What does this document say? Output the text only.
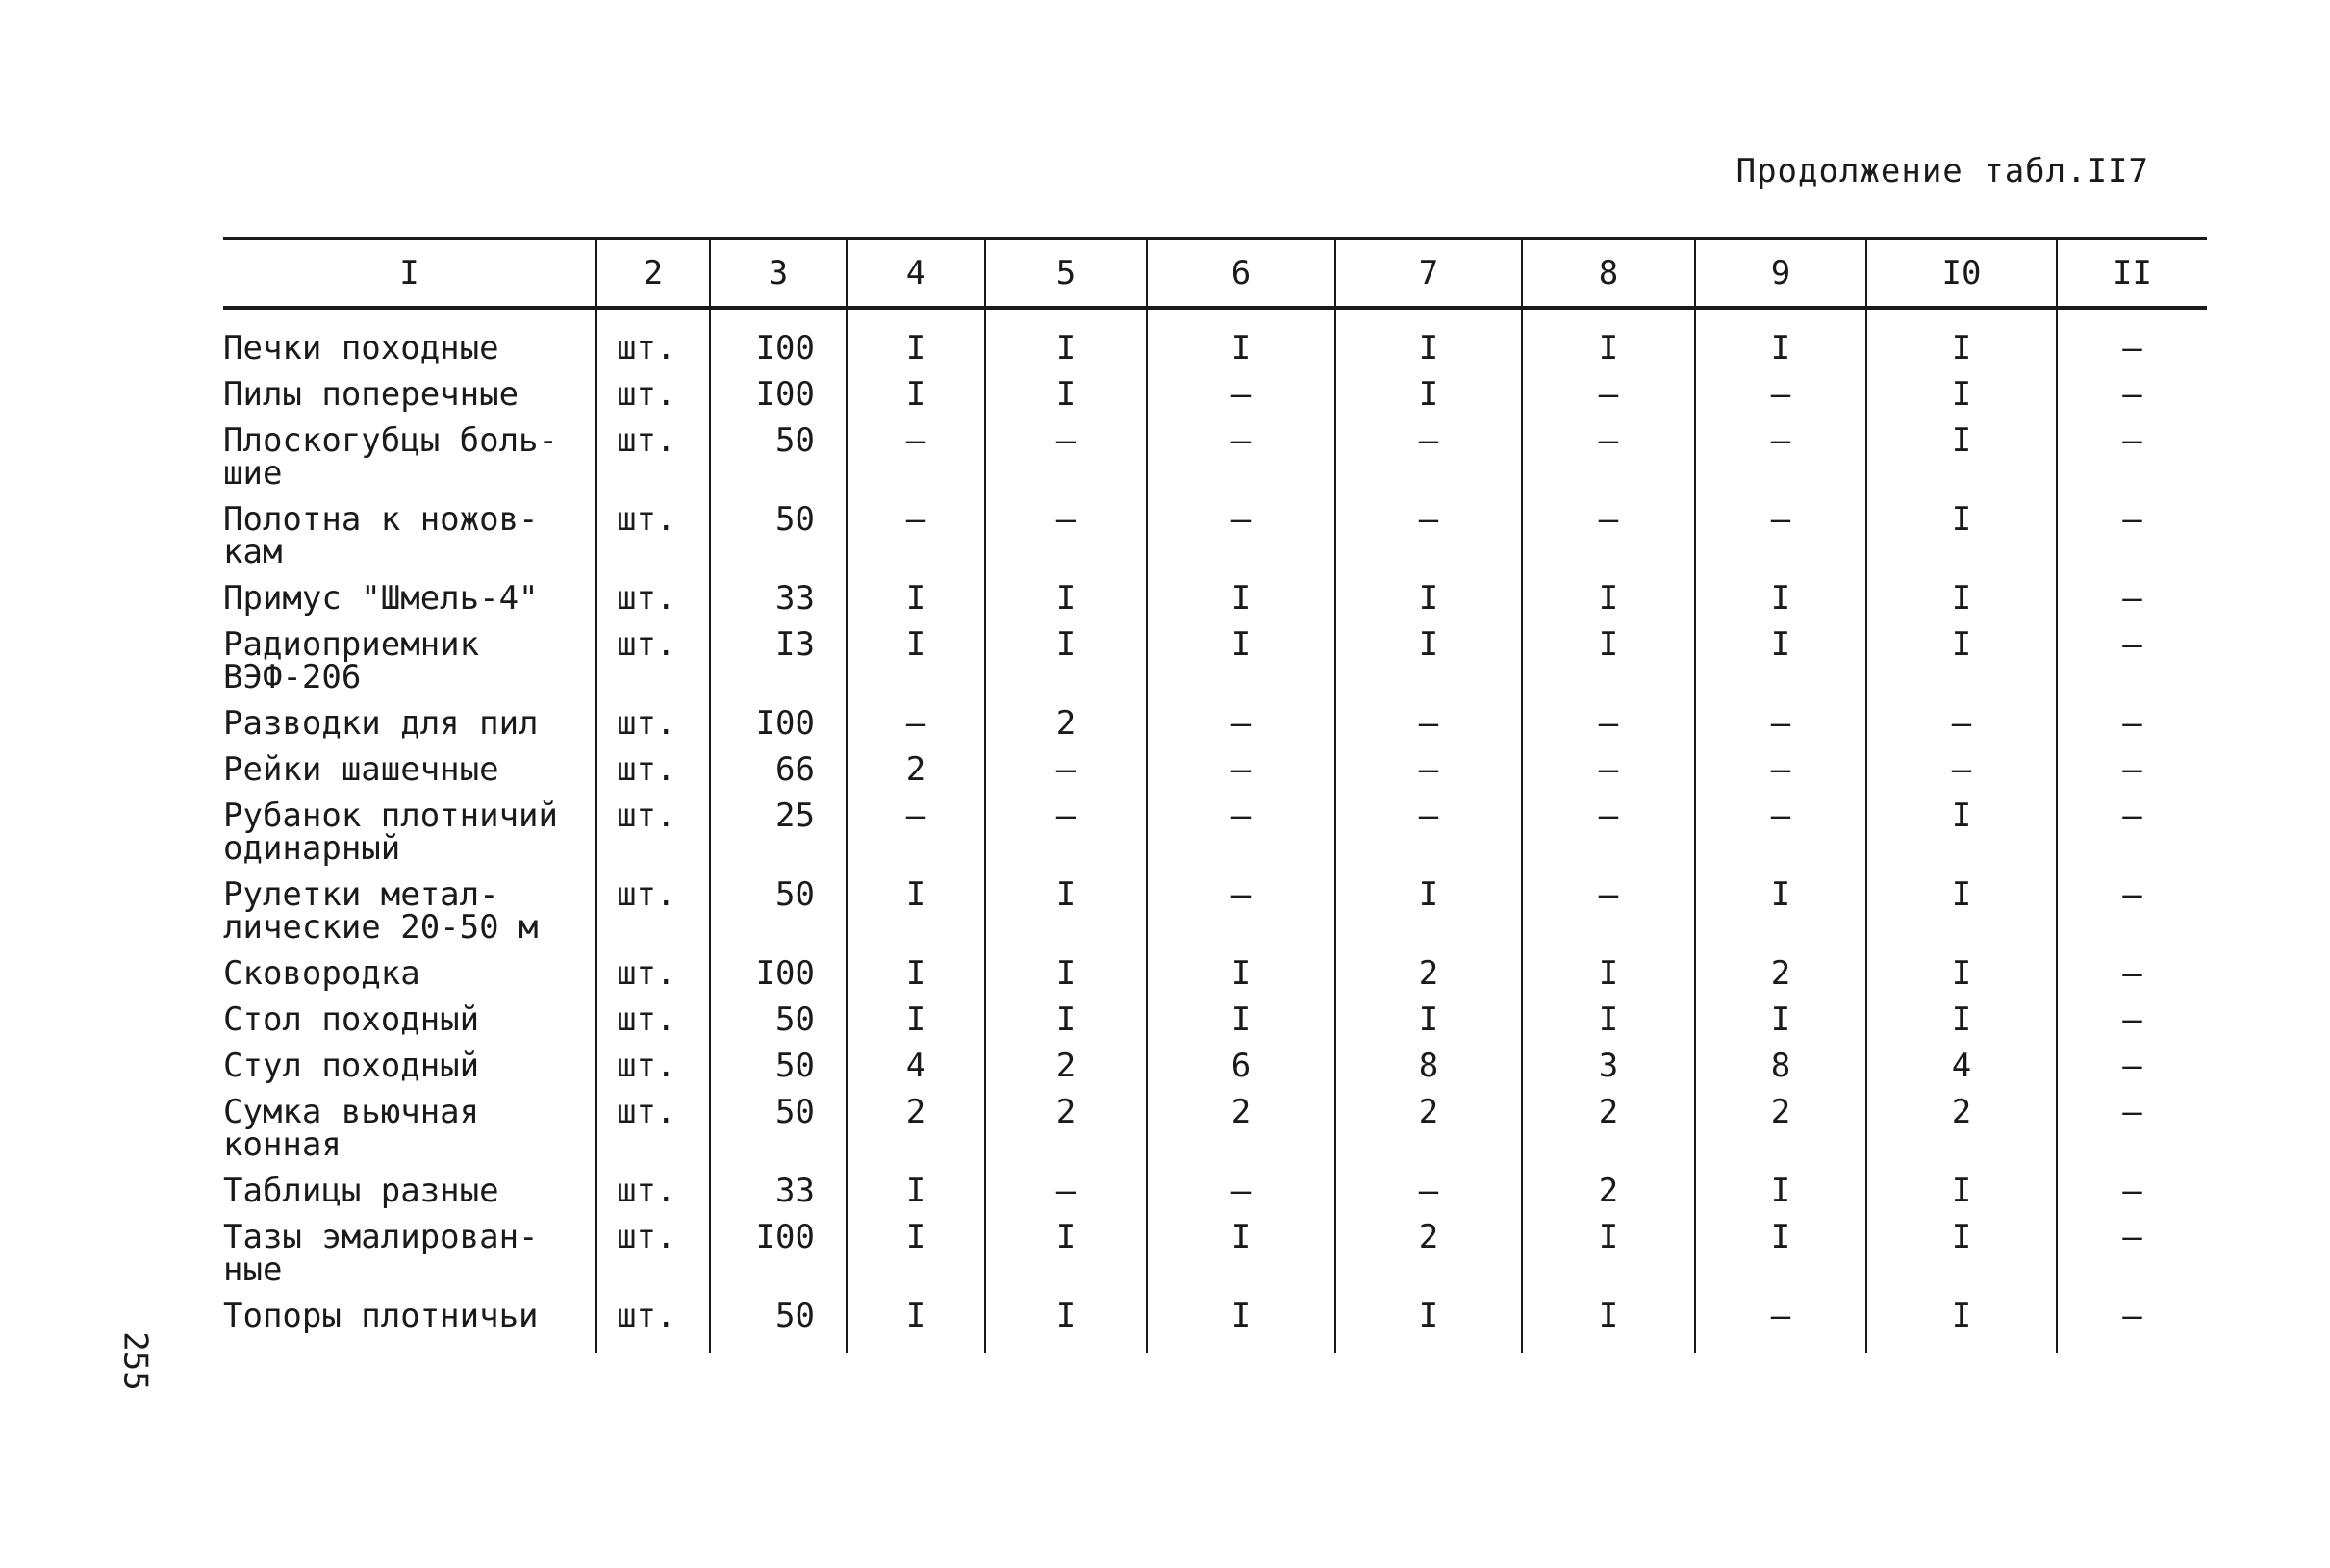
Продолжение табл.II7
I	2	3	4	5	6	7	8	9	I0	II

Печки походные	шт.	I00	I	I	I	I	I	I	I	–
Пилы поперечные	шт.	I00	I	I	–	I	–	–	I	–
Плоскогубцы боль-
шие	шт.	50	–	–	–	–	–	–	I	–
Полотна к ножов-
кам	шт.	50	–	–	–	–	–	–	I	–
Примус "Шмель-4"	шт.	33	I	I	I	I	I	I	I	–
Радиоприемник
ВЭФ-206	шт.	I3	I	I	I	I	I	I	I	–
Разводки для пил	шт.	I00	–	2	–	–	–	–	–	–
Рейки шашечные	шт.	66	2	–	–	–	–	–	–	–
Рубанок плотничий
одинарный	шт.	25	–	–	–	–	–	–	I	–
Рулетки метал-
лические 20-50 м	шт.	50	I	I	–	I	–	I	I	–
Сковородка	шт.	I00	I	I	I	2	I	2	I	–
Стол походный	шт.	50	I	I	I	I	I	I	I	–
Стул походный	шт.	50	4	2	6	8	3	8	4	–
Сумка вьючная
конная	шт.	50	2	2	2	2	2	2	2	–
Таблицы разные	шт.	33	I	–	–	–	2	I	I	–
Тазы эмалирован-
ные	шт.	I00	I	I	I	2	I	I	I	–
Топоры плотничьи	шт.	50	I	I	I	I	I	–	I	–
255
